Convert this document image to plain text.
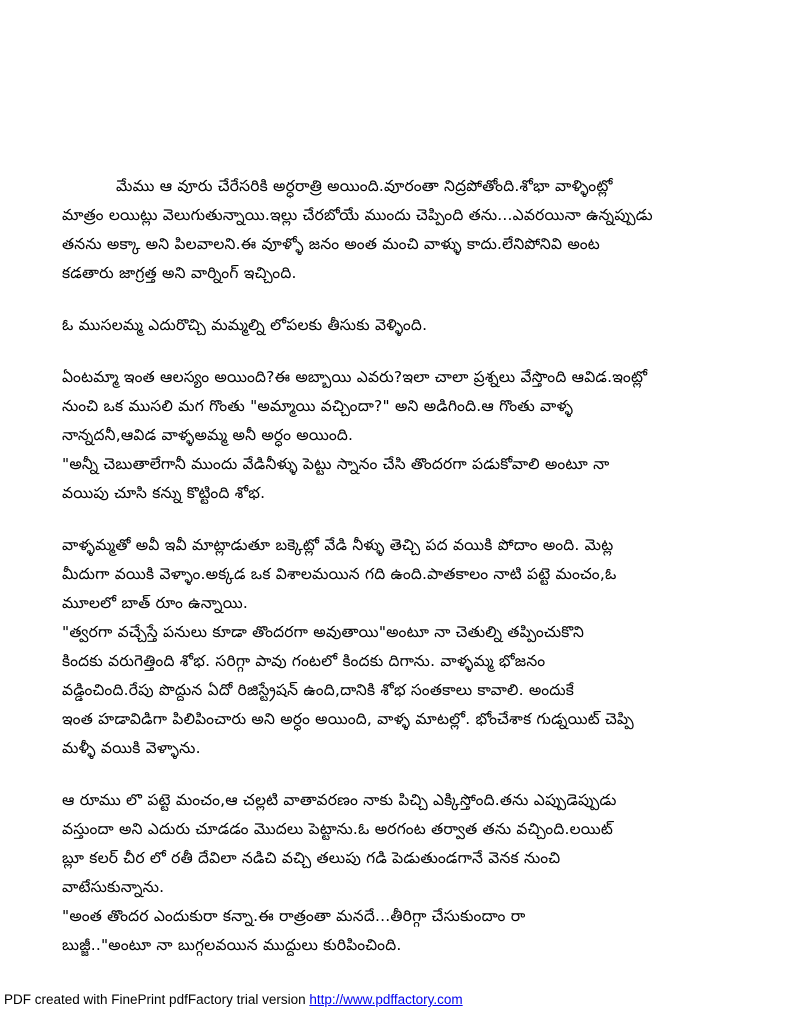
మేము ఆ వూరు చేరేసరికి అర్ధరాత్రి అయింది.వూరంతా నిద్రపోతోంది.శోభా వాళ్ళింట్లో
మాత్రం లయిట్లు వెలుగుతున్నాయి.ఇల్లు చేరబోయే ముందు చెప్పింది తను...ఎవరయినా ఉన్నప్పుడు
తనను అక్కా అని పిలవాలని.ఈ వూళ్ళో జనం అంత మంచి వాళ్ళు కాదు.లేనిపోనివి అంట
కడతారు జాగ్రత్త అని వార్నింగ్ ఇచ్చింది.
ఓ ముసలమ్మ ఎదురొచ్చి మమ్మల్ని లోపలకు తీసుకు వెళ్ళింది.
ఏంటమ్మా ఇంత ఆలస్యం అయింది?ఈ అబ్బాయి ఎవరు?ఇలా చాలా ప్రశ్నలు వేస్తొంది ఆవిడ.ఇంట్లో
నుంచి ఒక ముసలి మగ గొంతు "అమ్మాయి వచ్చిందా?" అని అడిగింది.ఆ గొంతు వాళ్ళ
నాన్నదనీ,ఆవిడ వాళ్ళఅమ్మ అనీ అర్ధం అయింది.
"అన్నీ చెబుతాలేగానీ ముందు వేడినీళ్ళు పెట్టు స్నానం చేసి తొందరగా పడుకోవాలి అంటూ నా
వయిపు చూసి కన్ను కొట్టింది శోభ.
వాళ్ళమ్మతో అవీ ఇవీ మాట్లాడుతూ బక్కెట్లో వేడి నీళ్ళు తెచ్చి పద వయికి పోదాం అంది. మెట్ల
మీదుగా వయికి వెళ్ళాం.అక్కడ ఒక విశాలమయిన గది ఉంది.పాతకాలం నాటి పట్టె మంచం,ఓ
మూలలో బాత్ రూం ఉన్నాయి.
"త్వరగా వచ్చేస్తే పనులు కూడా తొందరగా అవుతాయి"అంటూ నా చెతుల్ని తప్పించుకొని
కిందకు వరుగెత్తింది శోభ. సరిగ్గా పావు గంటలో కిందకు దిగాను. వాళ్ళమ్మ భోజనం
వడ్డించింది.రేపు పొద్దున ఏదో రిజిస్ట్రేషన్ ఉంది,దానికి శోభ సంతకాలు కావాలి. అందుకే
ఇంత హడావిడిగా పిలిపించారు అని అర్ధం అయింది, వాళ్ళ మాటల్లో. భోంచేశాక గుడ్నయిట్ చెప్పి
మళ్ళీ వయికి వెళ్ళాను.
ఆ రూము లొ పట్టె మంచం,ఆ చల్లటి వాతావరణం నాకు పిచ్చి ఎక్కిస్తోంది.తను ఎప్పుడెప్పుడు
వస్తుందా అని ఎదురు చూడడం మొదలు పెట్టాను.ఓ అరగంట తర్వాత తను వచ్చింది.లయిట్
బ్లూ కలర్ చీర లో రతీ దేవిలా నడిచి వచ్చి తలుపు గడి పెడుతుండగానే వెనక నుంచి
వాటేసుకున్నాను.
"అంత తొందర ఎందుకురా కన్నా.ఈ రాత్రంతా మనదే...తీరిగ్గా చేసుకుందాం రా
బుజ్జీ.."అంటూ నా బుగ్గలవయిన ముద్దులు కురిపించింది.
PDF created with FinePrint pdfFactory trial version http://www.pdffactory.com
